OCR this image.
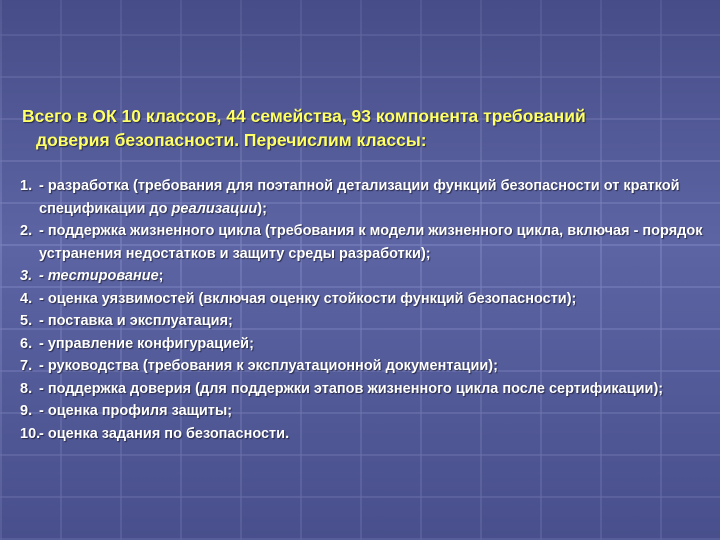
Всего в ОК 10 классов, 44 семейства, 93 компонента требований
доверия безопасности. Перечислим классы:
1. - разработка (требования для поэтапной детализации функций безопасности от краткой спецификации до реализации);
2. - поддержка жизненного цикла (требования к модели жизненного цикла, включая - порядок устранения недостатков и защиту среды разработки);
3. - тестирование;
4. - оценка уязвимостей (включая оценку стойкости функций безопасности);
5. - поставка и эксплуатация;
6. - управление конфигурацией;
7. - руководства (требования к эксплуатационной документации);
8. - поддержка доверия (для поддержки этапов жизненного цикла после сертификации);
9. - оценка профиля защиты;
10.
- оценка задания по безопасности.
